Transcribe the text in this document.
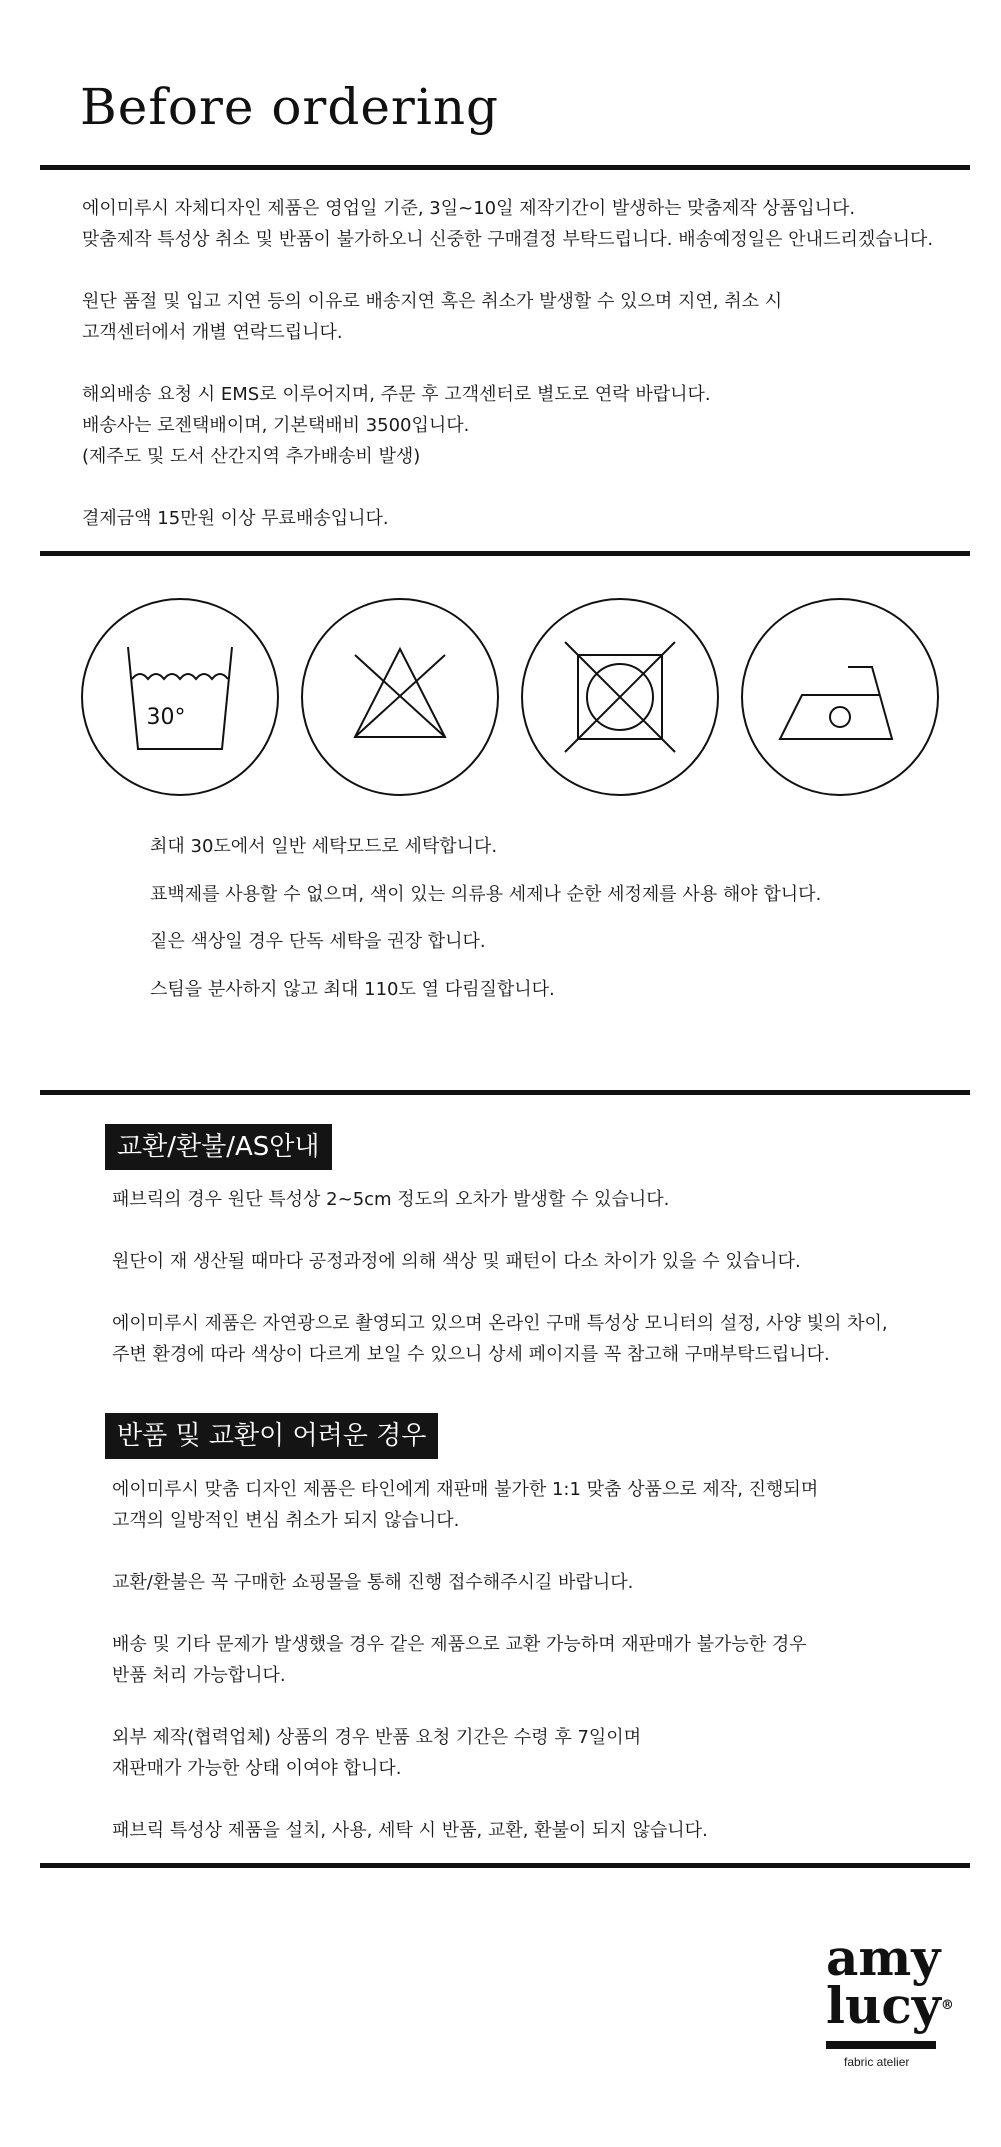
Before ordering

에이미루시 자체디자인 제품은 영업일 기준, 3일~10일 제작기간이 발생하는 맞춤제작 상품입니다.

맞춤제작 특성상 취소 및 반품이 불가하오니 신중한 구매결정 부탁드립니다. 배송예정일은 안내드리겠습니다.

원단 품절 및 입고 지연 등의 이유로 배송지연 혹은 취소가 발생할 수 있으며 지연, 취소 시

고객센터에서 개별 연락드립니다.

해외배송 요청 시 EMS로 이루어지며, 주문 후 고객센터로 별도로 연락 바랍니다.

배송사는 로젠택배이며, 기본택배비 3500입니다.

(제주도 및 도서 산간지역 추가배송비 발생)

결제금액 15만원 이상 무료배송입니다.

30°

최대 30도에서 일반 세탁모드로 세탁합니다.

표백제를 사용할 수 없으며, 색이 있는 의류용 세제나 순한 세정제를 사용 해야 합니다.

짙은 색상일 경우 단독 세탁을 권장 합니다.

스팀을 분사하지 않고 최대 110도 열 다림질합니다.

교환/환불/AS안내

패브릭의 경우 원단 특성상 2~5cm 정도의 오차가 발생할 수 있습니다.

원단이 재 생산될 때마다 공정과정에 의해 색상 및 패턴이 다소 차이가 있을 수 있습니다.

에이미루시 제품은 자연광으로 촬영되고 있으며 온라인 구매 특성상 모니터의 설정, 사양 빛의 차이,

주변 환경에 따라 색상이 다르게 보일 수 있으니 상세 페이지를 꼭 참고해 구매부탁드립니다.

반품 및 교환이 어려운 경우

에이미루시 맞춤 디자인 제품은 타인에게 재판매 불가한 1:1 맞춤 상품으로 제작, 진행되며

고객의 일방적인 변심 취소가 되지 않습니다.

교환/환불은 꼭 구매한 쇼핑몰을 통해 진행 접수해주시길 바랍니다.

배송 및 기타 문제가 발생했을 경우 같은 제품으로 교환 가능하며 재판매가 불가능한 경우

반품 처리 가능합니다.

외부 제작(협력업체) 상품의 경우 반품 요청 기간은 수령 후 7일이며

재판매가 가능한 상태 이여야 합니다.

패브릭 특성상 제품을 설치, 사용, 세탁 시 반품, 교환, 환불이 되지 않습니다.

amy
lucy®
fabric atelier
